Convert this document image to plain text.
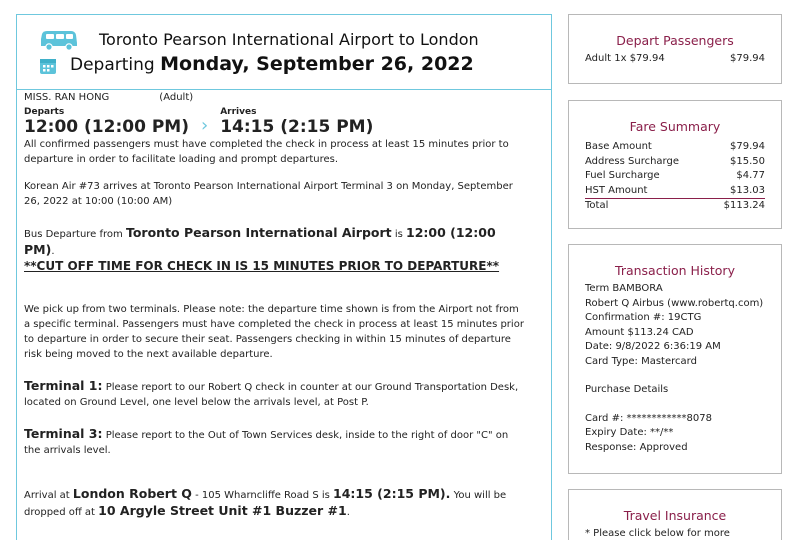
Toronto Pearson International Airport to London
Departing Monday, September 26, 2022
MISS. RAN HONG	(Adult)
Departs
12:00 (12:00 PM) ›
Arrives
14:15 (2:15 PM)
All confirmed passengers must have completed the check in process at least 15 minutes prior to departure in order to facilitate loading and prompt departures.
Korean Air #73 arrives at Toronto Pearson International Airport Terminal 3 on Monday, September 26, 2022 at 10:00 (10:00 AM)
Bus Departure from Toronto Pearson International Airport is 12:00 (12:00 PM).
**CUT OFF TIME FOR CHECK IN IS 15 MINUTES PRIOR TO DEPARTURE**
We pick up from two terminals. Please note: the departure time shown is from the Airport not from a specific terminal. Passengers must have completed the check in process at least 15 minutes prior to departure in order to secure their seat. Passengers checking in within 15 minutes of departure risk being moved to the next available departure.
Terminal 1: Please report to our Robert Q check in counter at our Ground Transportation Desk, located on Ground Level, one level below the arrivals level, at Post P.
Terminal 3: Please report to the Out of Town Services desk, inside to the right of door "C" on the arrivals level.
Arrival at London Robert Q - 105 Wharncliffe Road S is 14:15 (2:15 PM). You will be dropped off at 10 Argyle Street Unit #1 Buzzer #1.
Depart Passengers
Adult 1x $79.94	$79.94
Fare Summary
Base Amount	$79.94
Address Surcharge	$15.50
Fuel Surcharge	$4.77
HST Amount	$13.03
Total	$113.24
Transaction History
Term BAMBORA
Robert Q Airbus (www.robertq.com)
Confirmation #: 19CTG
Amount $113.24 CAD
Date: 9/8/2022 6:36:19 AM
Card Type: Mastercard
Purchase Details
Card #: ************8078
Expiry Date: **/**
Response: Approved
Travel Insurance
* Please click below for more
